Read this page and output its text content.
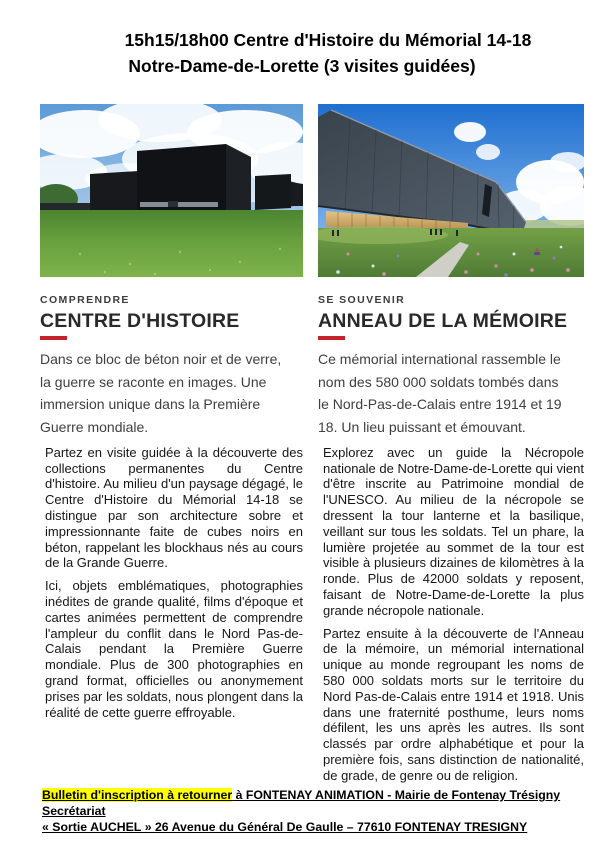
15h15/18h00 Centre d'Histoire du Mémorial 14-18
Notre-Dame-de-Lorette (3 visites guidées)
COMPRENDRE
CENTRE D'HISTOIRE
Dans ce bloc de béton noir et de verre, la guerre se raconte en images. Une immersion unique dans la Première Guerre mondiale.

Partez en visite guidée à la découverte des collections permanentes du Centre d'histoire. Au milieu d'un paysage dégagé, le Centre d'Histoire du Mémorial 14-18 se distingue par son architecture sobre et impressionnante faite de cubes noirs en béton, rappelant les blockhaus nés au cours de la Grande Guerre.

Ici, objets emblématiques, photographies inédites de grande qualité, films d'époque et cartes animées permettent de comprendre l'ampleur du conflit dans le Nord Pas-de-Calais pendant la Première Guerre mondiale. Plus de 300 photographies en grand format, officielles ou anonymement prises par les soldats, nous plongent dans la réalité de cette guerre effroyable.

SE SOUVENIR
ANNEAU DE LA MÉMOIRE
Ce mémorial international rassemble le nom des 580 000 soldats tombés dans le Nord-Pas-de-Calais entre 1914 et 19 18. Un lieu puissant et émouvant.

Explorez avec un guide la Nécropole nationale de Notre-Dame-de-Lorette qui vient d'être inscrite au Patrimoine mondial de l'UNESCO. Au milieu de la nécropole se dressent la tour lanterne et la basilique, veillant sur tous les soldats. Tel un phare, la lumière projetée au sommet de la tour est visible à plusieurs dizaines de kilomètres à la ronde. Plus de 42000 soldats y reposent, faisant de Notre-Dame-de-Lorette la plus grande nécropole nationale.

Partez ensuite à la découverte de l'Anneau de la mémoire, un mémorial international unique au monde regroupant les noms de 580 000 soldats morts sur le territoire du Nord Pas-de-Calais entre 1914 et 1918. Unis dans une fraternité posthume, leurs noms défilent, les uns après les autres. Ils sont classés par ordre alphabétique et pour la première fois, sans distinction de nationalité, de grade, de genre ou de religion.

Bulletin d'inscription à retourner à FONTENAY ANIMATION - Mairie de Fontenay Trésigny Secrétariat
« Sortie AUCHEL » 26 Avenue du Général De Gaulle – 77610 FONTENAY TRESIGNY
